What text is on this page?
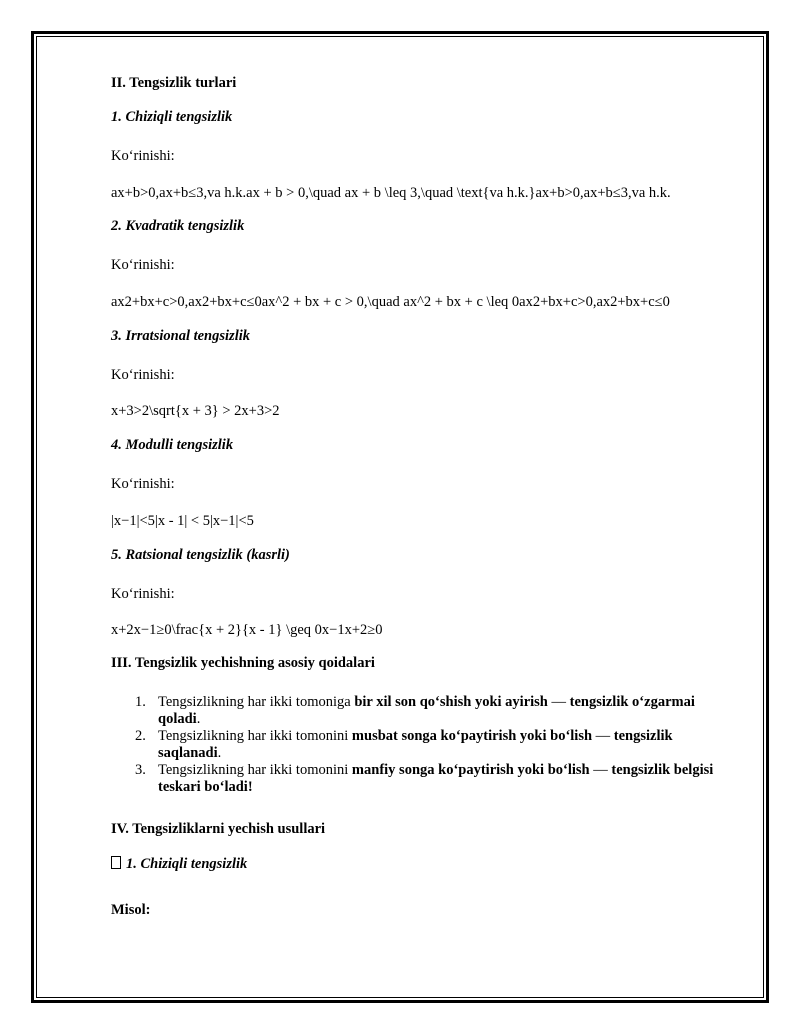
II. Tengsizlik turlari

1. Chiziqli tengsizlik

Ko‘rinishi:

ax+b>0,ax+b≤3,va h.k.ax + b > 0,\quad ax + b \leq 3,\quad \text{va h.k.}ax+b>0,ax+b≤3,va h.k.

2. Kvadratik tengsizlik

Ko‘rinishi:

ax2+bx+c>0,ax2+bx+c≤0ax^2 + bx + c > 0,\quad ax^2 + bx + c \leq 0ax2+bx+c>0,ax2+bx+c≤0

3. Irratsional tengsizlik

Ko‘rinishi:

x+3>2\sqrt{x + 3} > 2x+3>2

4. Modulli tengsizlik

Ko‘rinishi:

|x−1|<5|x - 1| < 5|x−1|<5

5. Ratsional tengsizlik (kasrli)

Ko‘rinishi:

x+2x−1≥0\frac{x + 2}{x - 1} \geq 0x−1x+2≥0

III. Tengsizlik yechishning asosiy qoidalari

1. Tengsizlikning har ikki tomoniga bir xil son qo‘shish yoki ayirish — tengsizlik o‘zgarmai qoladi.
2. Tengsizlikning har ikki tomonini musbat songa ko‘paytirish yoki bo‘lish — tengsizlik saqlanadi.
3. Tengsizlikning har ikki tomonini manfiy songa ko‘paytirish yoki bo‘lish — tengsizlik belgisi teskari bo‘ladi!

IV. Tengsizliklarni yechish usullari

1. Chiziqli tengsizlik

Misol:
